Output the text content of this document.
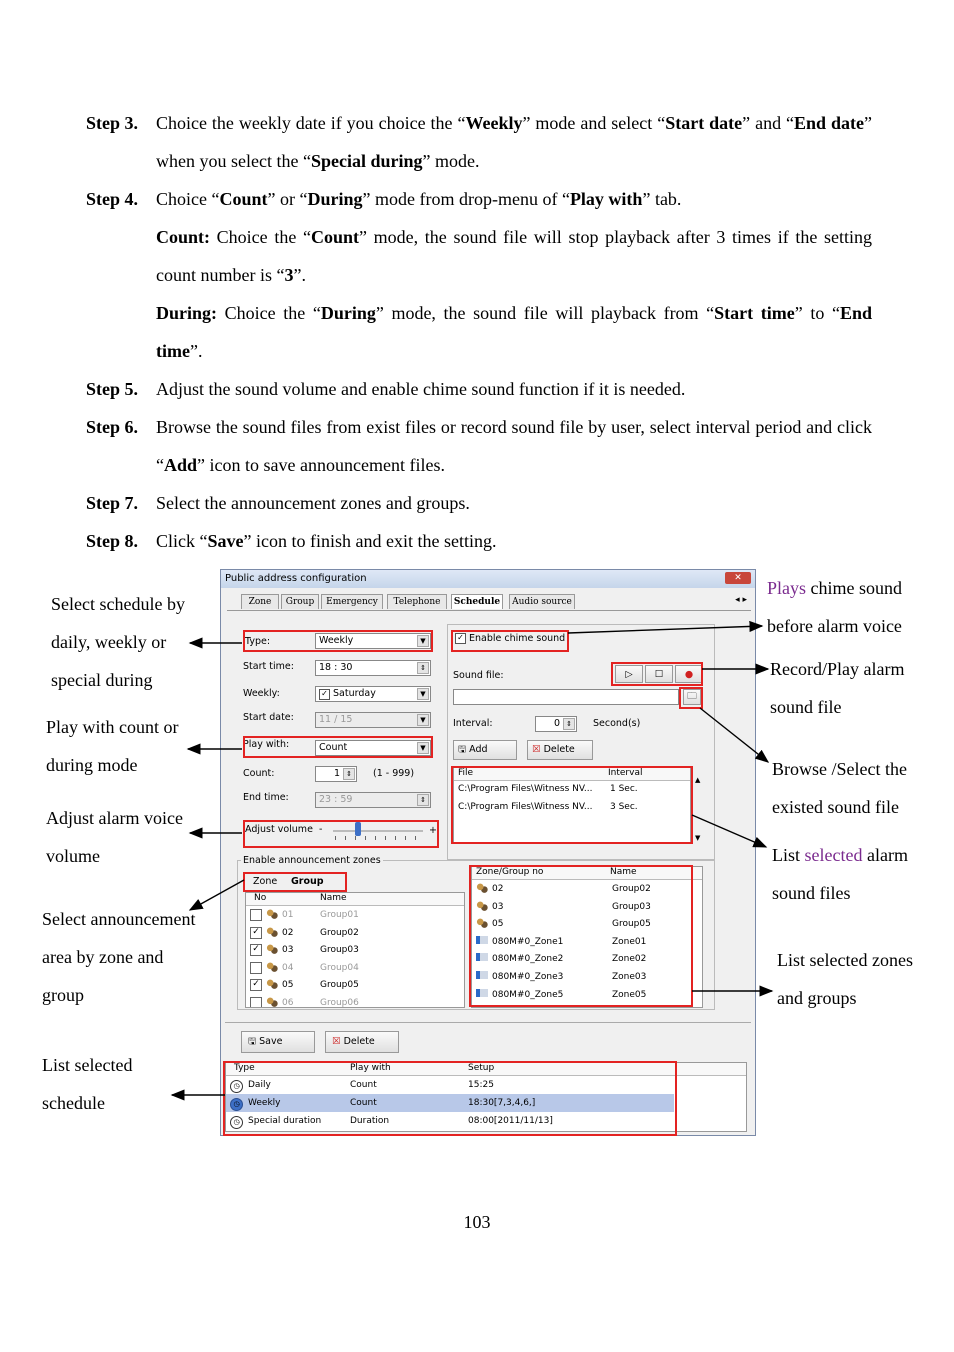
Step 3. Choice the weekly date if you choice the “Weekly” mode and select “Start date” and “End date” when you select the “Special during” mode.
Step 4. Choice “Count” or “During” mode from drop-menu of “Play with” tab.
Count: Choice the “Count” mode, the sound file will stop playback after 3 times if the setting count number is “3”.
During: Choice the “During” mode, the sound file will playback from “Start time” to “End time”.
Step 5. Adjust the sound volume and enable chime sound function if it is needed.
Step 6. Browse the sound files from exist files or record sound file by user, select interval period and click “Add” icon to save announcement files.
Step 7. Select the announcement zones and groups.
Step 8. Click “Save” icon to finish and exit the setting.
Select schedule by
daily, weekly or
special during
Play with count or
during mode
Adjust alarm voice
volume
Select announcement
area by zone and
group
List selected
schedule
Plays chime sound
before alarm voice
Record/Play alarm
sound file
Browse /Select the
existed sound file
List selected alarm
sound files
List selected zones
and groups
Public address configuration	✕
Zone	Group	Emergency	Telephone	Schedule	Audio source	◂ ▸
Type:	Weekly	▼
Start time:	18 : 30	⇕
Weekly:	✓ Saturday	▼
Start date:	11 / 15	▼
Play with:	Count	▼
Count:	1 ⇕	(1 - 999)
End time:	23 : 59	⇕
Adjust volume -	+
✓ Enable chime sound
Sound file:	▷	☐	●
🗀
Interval:	0 ⇕	Second(s)
🖫 Add	☒ Delete
File	Interval
C:\Program Files\Witness NV... 1 Sec.
C:\Program Files\Witness NV... 3 Sec.
▲
▼
Enable announcement zones
Zone Group
No	Name
01	Group01
✓ 02	Group02
✓ 03	Group03
04	Group04
✓ 05	Group05
06	Group06
Zone/Group no	Name
02	Group02
03	Group03
05	Group05
080M#0_Zone1	Zone01
080M#0_Zone2	Zone02
080M#0_Zone3	Zone03
080M#0_Zone5	Zone05
🖫 Save	☒ Delete
Type	Play with	Setup
◷ Daily	Count	15:25
◷ Weekly	Count	18:30[7,3,4,6,]
◷ Special duration	Duration	08:00[2011/11/13]
103
